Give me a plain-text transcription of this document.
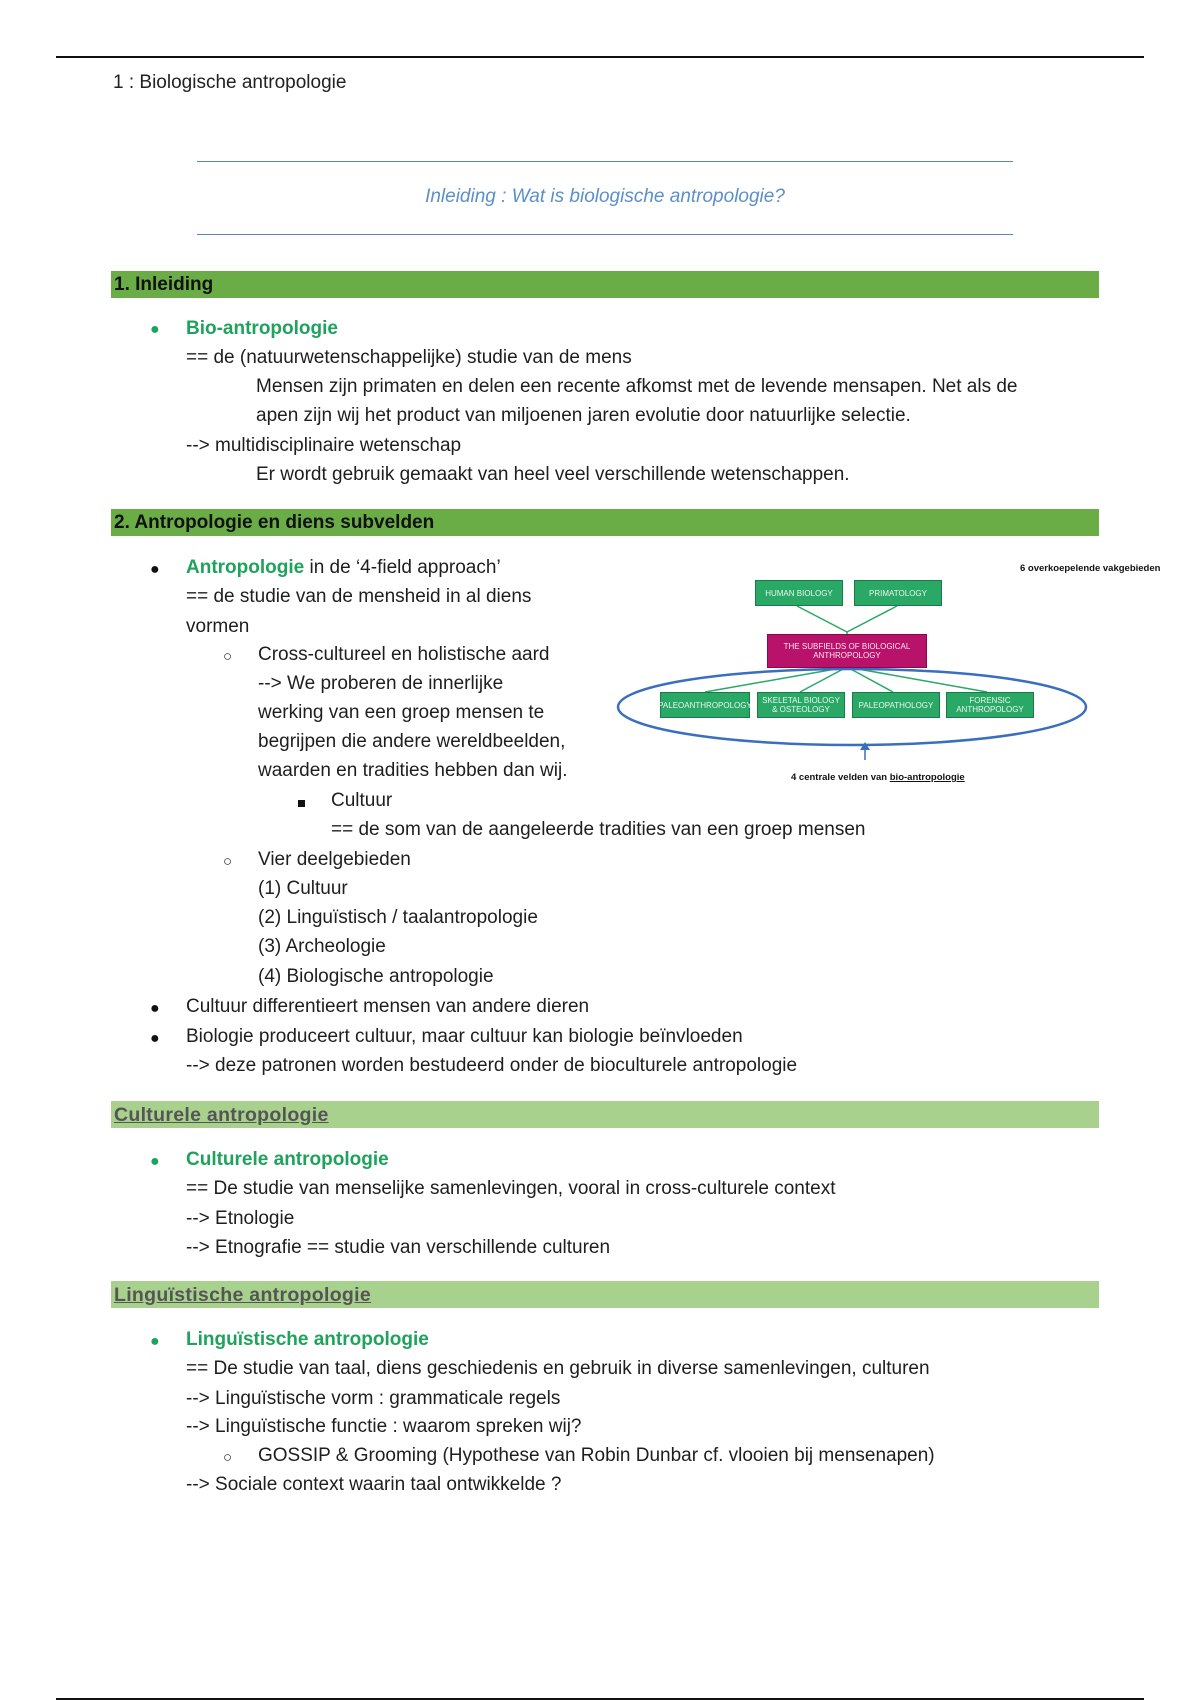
1 : Biologische antropologie
Inleiding : Wat is biologische antropologie?
1. Inleiding
● Bio-antropologie
== de (natuurwetenschappelijke) studie van de mens
Mensen zijn primaten en delen een recente afkomst met de levende mensapen. Net als de
apen zijn wij het product van miljoenen jaren evolutie door natuurlijke selectie.
--> multidisciplinaire wetenschap
Er wordt gebruik gemaakt van heel veel verschillende wetenschappen.
2. Antropologie en diens subvelden
● Antropologie in de ‘4-field approach’
== de studie van de mensheid in al diens
vormen
○ Cross-cultureel en holistische aard
--> We proberen de innerlijke
werking van een groep mensen te
begrijpen die andere wereldbeelden,
waarden en tradities hebben dan wij.
Cultuur
== de som van de aangeleerde tradities van een groep mensen
○ Vier deelgebieden
(1) Cultuur
(2) Linguïstisch / taalantropologie
(3) Archeologie
(4) Biologische antropologie
● Cultuur differentieert mensen van andere dieren
● Biologie produceert cultuur, maar cultuur kan biologie beïnvloeden
--> deze patronen worden bestudeerd onder de bioculturele antropologie
HUMAN BIOLOGY	PRIMATOLOGY
THE SUBFIELDS OF BIOLOGICAL ANTHROPOLOGY
PALEOANTHROPOLOGY	SKELETAL BIOLOGY & OSTEOLOGY	PALEOPATHOLOGY	FORENSIC ANTHROPOLOGY
4 centrale velden van bio-antropologie
6 overkoepelende vakgebieden
Culturele antropologie
● Culturele antropologie
== De studie van menselijke samenlevingen, vooral in cross-culturele context
--> Etnologie
--> Etnografie == studie van verschillende culturen
Linguïstische antropologie
● Linguïstische antropologie
== De studie van taal, diens geschiedenis en gebruik in diverse samenlevingen, culturen
--> Linguïstische vorm : grammaticale regels
--> Linguïstische functie : waarom spreken wij?
○ GOSSIP & Grooming (Hypothese van Robin Dunbar cf. vlooien bij mensenapen)
--> Sociale context waarin taal ontwikkelde ?
